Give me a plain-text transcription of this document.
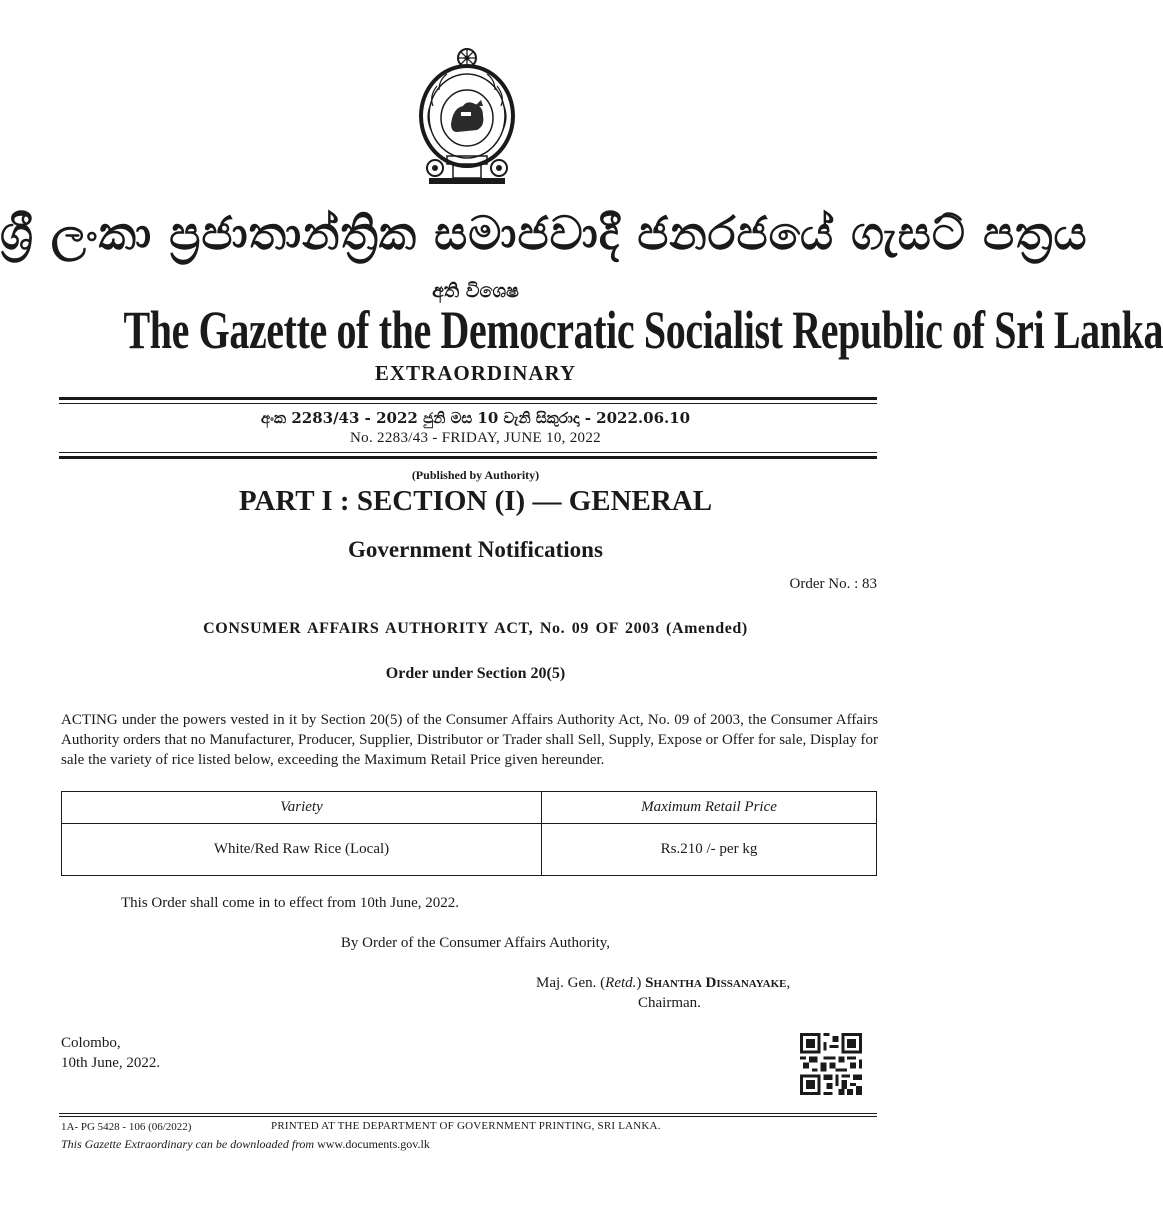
ශ්‍රී ලංකා ප්‍රජාතාන්ත්‍රික සමාජවාදී ජනරජයේ ගැසට් පත්‍රය
අති විශෙෂ
The Gazette of the Democratic Socialist Republic of Sri Lanka
EXTRAORDINARY
අංක 2283/43 - 2022 ජුනි මස 10 වැනි සිකුරාදා - 2022.06.10
No. 2283/43 - FRIDAY, JUNE 10, 2022
(Published by Authority)
PART I : SECTION (I) — GENERAL
Government Notifications
Order No. : 83
CONSUMER AFFAIRS AUTHORITY ACT, No. 09 OF 2003 (Amended)
Order under Section 20(5)

ACTING under the powers vested in it by Section 20(5) of the Consumer Affairs Authority Act, No. 09 of 2003, the Consumer Affairs Authority orders that no Manufacturer, Producer, Supplier, Distributor or Trader shall Sell, Supply, Expose or Offer for sale, Display for sale the variety of rice listed below, exceeding the Maximum Retail Price given hereunder.

Variety	Maximum Retail Price
White/Red Raw Rice (Local)	Rs.210 /- per kg
This Order shall come in to effect from 10th June, 2022.
By Order of the Consumer Affairs Authority,
Maj. Gen. (Retd.) Shantha Dissanayake,
Chairman.
Colombo,
10th June, 2022.
1A- PG 5428 - 106 (06/2022)	PRINTED AT THE DEPARTMENT OF GOVERNMENT PRINTING, SRI LANKA.
This Gazette Extraordinary can be downloaded from www.documents.gov.lk
